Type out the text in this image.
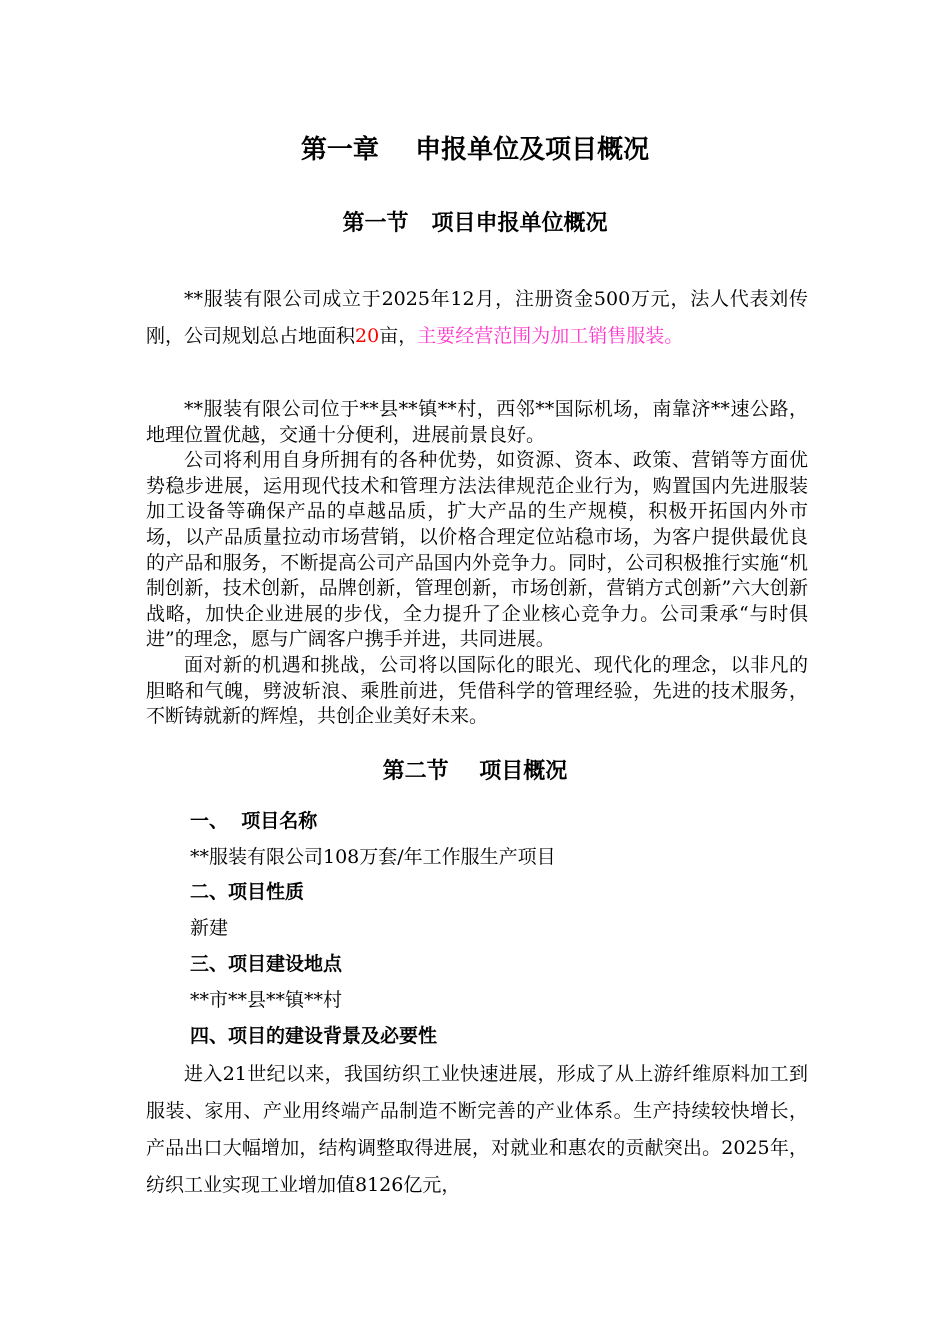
第一章    申报单位及项目概况
第一节   项目申报单位概况

**服装有限公司成立于2025年12月，注册资金500万元，法人代表刘传刚，公司规划总占地面积20亩，主要经营范围为加工销售服装。

**服装有限公司位于**县**镇**村，西邻**国际机场，南靠济**速公路，地理位置优越，交通十分便利，进展前景良好。

公司将利用自身所拥有的各种优势，如资源、资本、政策、营销等方面优势稳步进展，运用现代技术和管理方法法律规范企业行为，购置国内先进服装加工设备等确保产品的卓越品质，扩大产品的生产规模，积极开拓国内外市场，以产品质量拉动市场营销，以价格合理定位站稳市场，为客户提供最优良的产品和服务，不断提高公司产品国内外竞争力。同时，公司积极推行实施“机制创新，技术创新，品牌创新，管理创新，市场创新，营销方式创新”六大创新战略，加快企业进展的步伐，全力提升了企业核心竞争力。公司秉承“与时俱进”的理念，愿与广阔客户携手并进，共同进展。

面对新的机遇和挑战，公司将以国际化的眼光、现代化的理念，以非凡的胆略和气魄，劈波斩浪、乘胜前进，凭借科学的管理经验，先进的技术服务，不断铸就新的辉煌，共创企业美好未来。

第二节    项目概况
一、  项目名称
**服装有限公司108万套/年工作服生产项目
二、项目性质
新建
三、项目建设地点
**市**县**镇**村
四、项目的建设背景及必要性

进入21世纪以来，我国纺织工业快速进展，形成了从上游纤维原料加工到服装、家用、产业用终端产品制造不断完善的产业体系。生产持续较快增长，产品出口大幅增加，结构调整取得进展，对就业和惠农的贡献突出。2025年，纺织工业实现工业增加值8126亿元，
